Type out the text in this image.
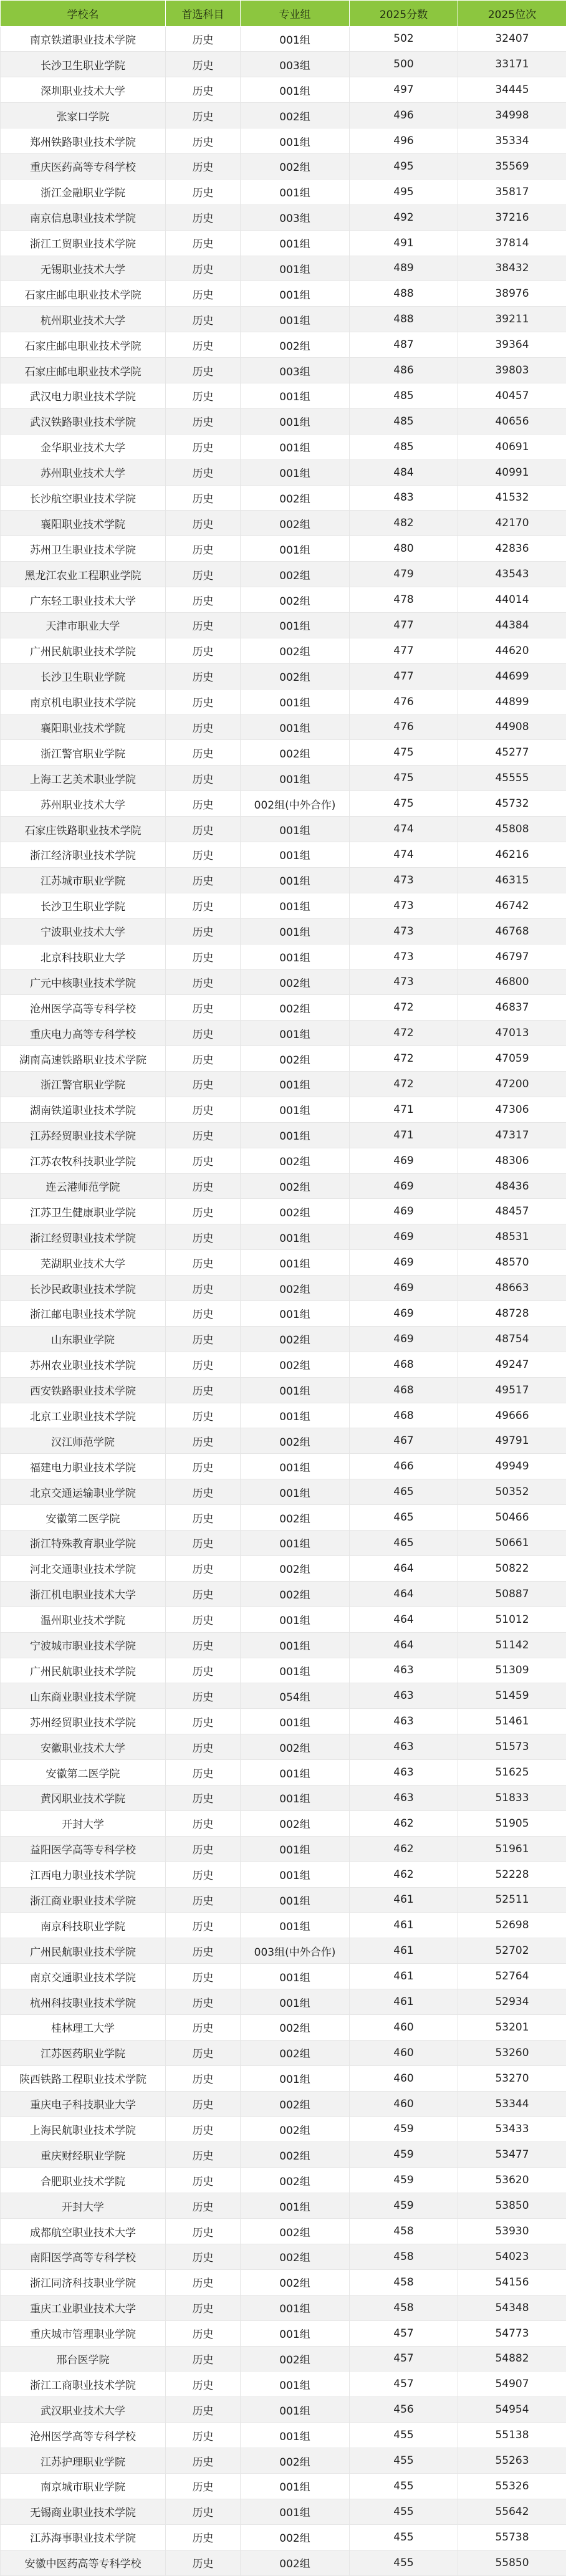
学校名	首选科目	专业组	2025分数	2025位次
南京铁道职业技术学院	历史	001组	502	32407
长沙卫生职业学院	历史	003组	500	33171
深圳职业技术大学	历史	001组	497	34445
张家口学院	历史	002组	496	34998
郑州铁路职业技术学院	历史	001组	496	35334
重庆医药高等专科学校	历史	002组	495	35569
浙江金融职业学院	历史	001组	495	35817
南京信息职业技术学院	历史	003组	492	37216
浙江工贸职业技术学院	历史	001组	491	37814
无锡职业技术大学	历史	001组	489	38432
石家庄邮电职业技术学院	历史	001组	488	38976
杭州职业技术大学	历史	001组	488	39211
石家庄邮电职业技术学院	历史	002组	487	39364
石家庄邮电职业技术学院	历史	003组	486	39803
武汉电力职业技术学院	历史	001组	485	40457
武汉铁路职业技术学院	历史	001组	485	40656
金华职业技术大学	历史	001组	485	40691
苏州职业技术大学	历史	001组	484	40991
长沙航空职业技术学院	历史	002组	483	41532
襄阳职业技术学院	历史	002组	482	42170
苏州卫生职业技术学院	历史	001组	480	42836
黑龙江农业工程职业学院	历史	002组	479	43543
广东轻工职业技术大学	历史	002组	478	44014
天津市职业大学	历史	001组	477	44384
广州民航职业技术学院	历史	002组	477	44620
长沙卫生职业学院	历史	002组	477	44699
南京机电职业技术学院	历史	001组	476	44899
襄阳职业技术学院	历史	001组	476	44908
浙江警官职业学院	历史	002组	475	45277
上海工艺美术职业学院	历史	001组	475	45555
苏州职业技术大学	历史	002组(中外合作)	475	45732
石家庄铁路职业技术学院	历史	001组	474	45808
浙江经济职业技术学院	历史	001组	474	46216
江苏城市职业学院	历史	001组	473	46315
长沙卫生职业学院	历史	001组	473	46742
宁波职业技术大学	历史	001组	473	46768
北京科技职业大学	历史	001组	473	46797
广元中核职业技术学院	历史	002组	473	46800
沧州医学高等专科学校	历史	002组	472	46837
重庆电力高等专科学校	历史	001组	472	47013
湖南高速铁路职业技术学院	历史	002组	472	47059
浙江警官职业学院	历史	001组	472	47200
湖南铁道职业技术学院	历史	001组	471	47306
江苏经贸职业技术学院	历史	001组	471	47317
江苏农牧科技职业学院	历史	002组	469	48306
连云港师范学院	历史	002组	469	48436
江苏卫生健康职业学院	历史	002组	469	48457
浙江经贸职业技术学院	历史	001组	469	48531
芜湖职业技术大学	历史	001组	469	48570
长沙民政职业技术学院	历史	002组	469	48663
浙江邮电职业技术学院	历史	001组	469	48728
山东职业学院	历史	002组	469	48754
苏州农业职业技术学院	历史	002组	468	49247
西安铁路职业技术学院	历史	001组	468	49517
北京工业职业技术学院	历史	001组	468	49666
汉江师范学院	历史	002组	467	49791
福建电力职业技术学院	历史	001组	466	49949
北京交通运输职业学院	历史	001组	465	50352
安徽第二医学院	历史	002组	465	50466
浙江特殊教育职业学院	历史	001组	465	50661
河北交通职业技术学院	历史	002组	464	50822
浙江机电职业技术大学	历史	002组	464	50887
温州职业技术学院	历史	001组	464	51012
宁波城市职业技术学院	历史	001组	464	51142
广州民航职业技术学院	历史	001组	463	51309
山东商业职业技术学院	历史	054组	463	51459
苏州经贸职业技术学院	历史	001组	463	51461
安徽职业技术大学	历史	002组	463	51573
安徽第二医学院	历史	001组	463	51625
黄冈职业技术学院	历史	001组	463	51833
开封大学	历史	002组	462	51905
益阳医学高等专科学校	历史	001组	462	51961
江西电力职业技术学院	历史	001组	462	52228
浙江商业职业技术学院	历史	001组	461	52511
南京科技职业学院	历史	001组	461	52698
广州民航职业技术学院	历史	003组(中外合作)	461	52702
南京交通职业技术学院	历史	001组	461	52764
杭州科技职业技术学院	历史	001组	461	52934
桂林理工大学	历史	002组	460	53201
江苏医药职业学院	历史	002组	460	53260
陕西铁路工程职业技术学院	历史	001组	460	53270
重庆电子科技职业大学	历史	002组	460	53344
上海民航职业技术学院	历史	002组	459	53433
重庆财经职业学院	历史	002组	459	53477
合肥职业技术学院	历史	002组	459	53620
开封大学	历史	001组	459	53850
成都航空职业技术大学	历史	002组	458	53930
南阳医学高等专科学校	历史	002组	458	54023
浙江同济科技职业学院	历史	002组	458	54156
重庆工业职业技术大学	历史	001组	458	54348
重庆城市管理职业学院	历史	001组	457	54773
邢台医学院	历史	002组	457	54882
浙江工商职业技术学院	历史	001组	457	54907
武汉职业技术大学	历史	001组	456	54954
沧州医学高等专科学校	历史	001组	455	55138
江苏护理职业学院	历史	002组	455	55263
南京城市职业学院	历史	001组	455	55326
无锡商业职业技术学院	历史	001组	455	55642
江苏海事职业技术学院	历史	002组	455	55738
安徽中医药高等专科学校	历史	002组	455	55850
